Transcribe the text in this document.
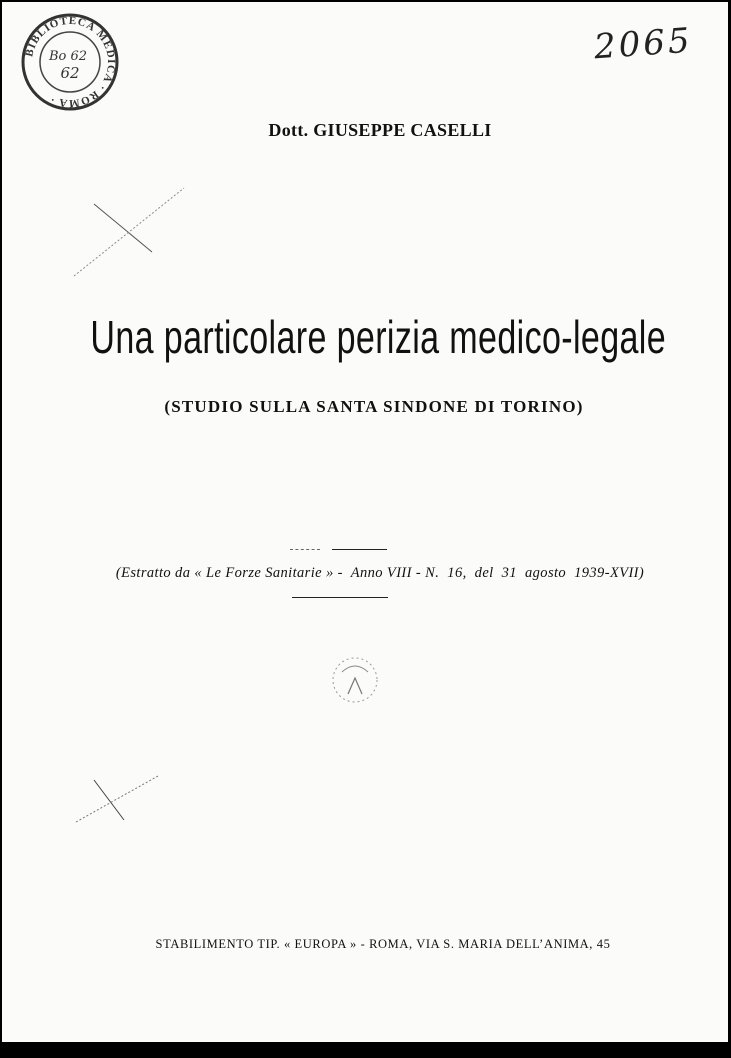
BIBLIOTECA MEDICA · ROMA ·
Bo 62
62
2065
Dott. GIUSEPPE CASELLI
Una particolare perizia medico-legale
(STUDIO SULLA SANTA SINDONE DI TORINO)
(Estratto da « Le Forze Sanitarie » -  Anno VIII - N.  16,  del  31  agosto  1939-XVII)
STABILIMENTO TIP. « EUROPA » - ROMA, VIA S. MARIA DELL’ANIMA, 45
